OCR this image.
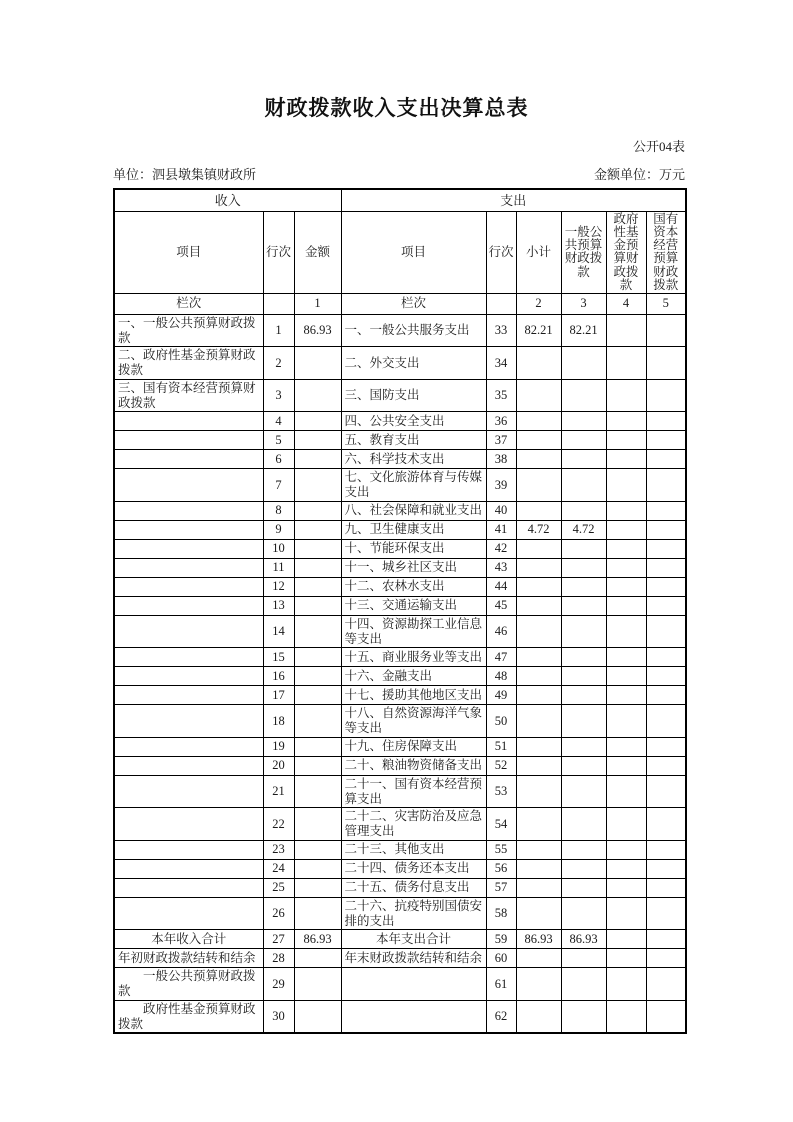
财政拨款收入支出决算总表
公开04表
单位：泗县墩集镇财政所	金额单位：万元
收入			支出					
项目	行次	金额	项目	行次	小计	一般公共预算财政拨款	政府性基金预算财政拨款	国有资本经营预算财政拨款
栏次		1	栏次		2	3	4	5
一、一般公共预算财政拨款	1	86.93	一、一般公共服务支出	33	82.21	82.21		
二、政府性基金预算财政拨款	2		二、外交支出	34				
三、国有资本经营预算财政拨款	3		三、国防支出	35				
	4		四、公共安全支出	36				
	5		五、教育支出	37				
	6		六、科学技术支出	38				
	7		七、文化旅游体育与传媒支出	39				
	8		八、社会保障和就业支出	40				
	9		九、卫生健康支出	41	4.72	4.72		
	10		十、节能环保支出	42				
	11		十一、城乡社区支出	43				
	12		十二、农林水支出	44				
	13		十三、交通运输支出	45				
	14		十四、资源勘探工业信息等支出	46				
	15		十五、商业服务业等支出	47				
	16		十六、金融支出	48				
	17		十七、援助其他地区支出	49				
	18		十八、自然资源海洋气象等支出	50				
	19		十九、住房保障支出	51				
	20		二十、粮油物资储备支出	52				
	21		二十一、国有资本经营预算支出	53				
	22		二十二、灾害防治及应急管理支出	54				
	23		二十三、其他支出	55				
	24		二十四、债务还本支出	56				
	25		二十五、债务付息支出	57				
	26		二十六、抗疫特别国债安排的支出	58				
本年收入合计	27	86.93	本年支出合计	59	86.93	86.93		
年初财政拨款结转和结余	28		年末财政拨款结转和结余	60				
　　一般公共预算财政拨款	29			61				
　　政府性基金预算财政拨款	30			62				
